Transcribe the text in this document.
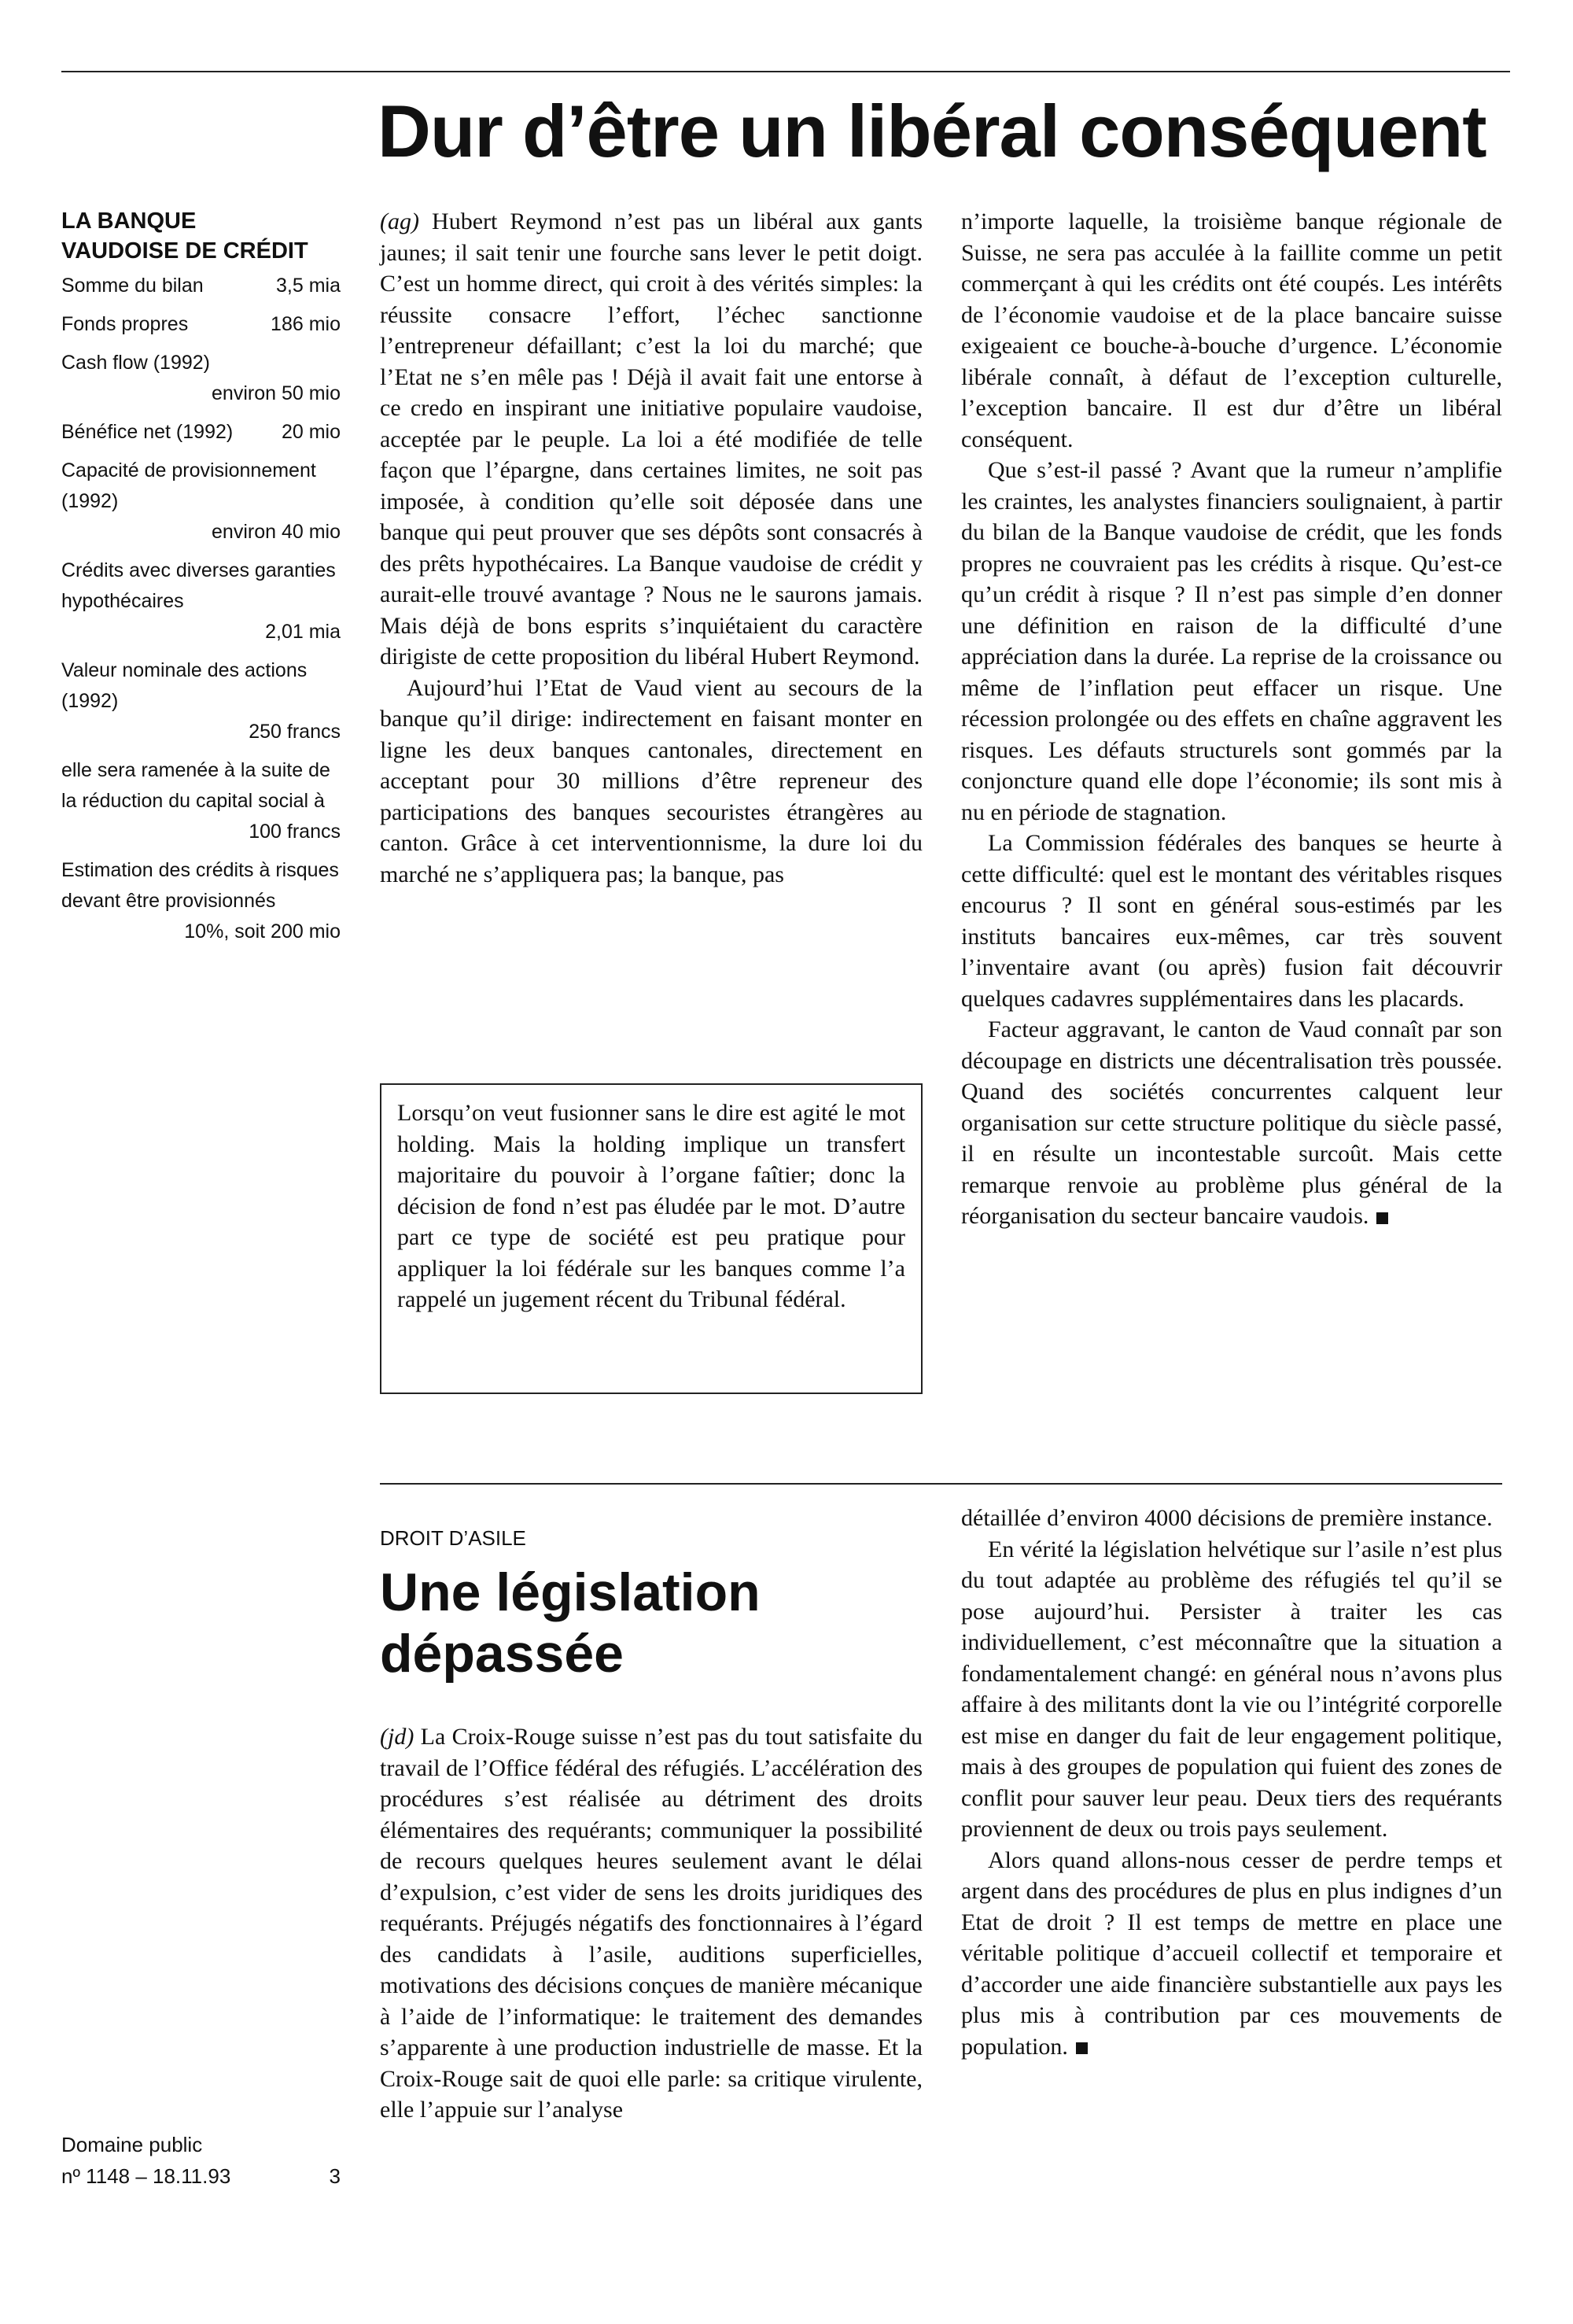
Dur d’être un libéral conséquent
LA BANQUE
VAUDOISE DE CRÉDIT
Somme du bilan	3,5 mia
Fonds propres	186 mio
Cash flow (1992)
environ 50 mio
Bénéfice net (1992) 20 mio
Capacité de provisionnement (1992)
environ 40 mio
Crédits avec diverses garanties hypothécaires
2,01 mia
Valeur nominale des actions (1992)
250 francs
elle sera ramenée à la suite de la réduction du capital social à
100 francs
Estimation des crédits à risques devant être provisionnés
10%, soit 200 mio

(ag) Hubert Reymond n’est pas un libéral aux gants jaunes; il sait tenir une fourche sans lever le petit doigt. C’est un homme direct, qui croit à des vérités simples: la réussite consacre l’effort, l’échec sanctionne l’entrepreneur défaillant; c’est la loi du marché; que l’Etat ne s’en mêle pas ! Déjà il avait fait une entorse à ce credo en inspirant une initiative populaire vaudoise, acceptée par le peuple. La loi a été modifiée de telle façon que l’épargne, dans certaines limites, ne soit pas imposée, à condition qu’elle soit déposée dans une banque qui peut prouver que ses dépôts sont consacrés à des prêts hypothécaires. La Banque vaudoise de crédit y aurait-elle trouvé avantage ? Nous ne le saurons jamais. Mais déjà de bons esprits s’inquiétaient du caractère dirigiste de cette proposition du libéral Hubert Reymond.

Aujourd’hui l’Etat de Vaud vient au secours de la banque qu’il dirige: indirectement en faisant monter en ligne les deux banques cantonales, directement en acceptant pour 30 millions d’être repreneur des participations des banques secouristes étrangères au canton. Grâce à cet interventionnisme, la dure loi du marché ne s’appliquera pas; la banque, pas

n’importe laquelle, la troisième banque régionale de Suisse, ne sera pas acculée à la faillite comme un petit commerçant à qui les crédits ont été coupés. Les intérêts de l’économie vaudoise et de la place bancaire suisse exigeaient ce bouche-à-bouche d’urgence. L’économie libérale connaît, à défaut de l’exception culturelle, l’exception bancaire. Il est dur d’être un libéral conséquent.

Que s’est-il passé ? Avant que la rumeur n’amplifie les craintes, les analystes financiers soulignaient, à partir du bilan de la Banque vaudoise de crédit, que les fonds propres ne couvraient pas les crédits à risque. Qu’est-ce qu’un crédit à risque ? Il n’est pas simple d’en donner une définition en raison de la difficulté d’une appréciation dans la durée. La reprise de la croissance ou même de l’inflation peut effacer un risque. Une récession prolongée ou des effets en chaîne aggravent les risques. Les défauts structurels sont gommés par la conjoncture quand elle dope l’économie; ils sont mis à nu en période de stagnation.

La Commission fédérales des banques se heurte à cette difficulté: quel est le montant des véritables risques encourus ? Il sont en général sous-estimés par les instituts bancaires eux-mêmes, car très souvent l’inventaire avant (ou après) fusion fait découvrir quelques cadavres supplémentaires dans les placards.

Facteur aggravant, le canton de Vaud connaît par son découpage en districts une décentralisation très poussée. Quand des sociétés concurrentes calquent leur organisation sur cette structure politique du siècle passé, il en résulte un incontestable surcoût. Mais cette remarque renvoie au problème plus général de la réorganisation du secteur bancaire vaudois.

Lorsqu’on veut fusionner sans le dire est agité le mot holding. Mais la holding implique un transfert majoritaire du pouvoir à l’organe faîtier; donc la décision de fond n’est pas éludée par le mot. D’autre part ce type de société est peu pratique pour appliquer la loi fédérale sur les banques comme l’a rappelé un jugement récent du Tribunal fédéral.

DROIT D’ASILE
Une législation
dépassée

(jd) La Croix-Rouge suisse n’est pas du tout satisfaite du travail de l’Office fédéral des réfugiés. L’accélération des procédures s’est réalisée au détriment des droits élémentaires des requérants; communiquer la possibilité de recours quelques heures seulement avant le délai d’expulsion, c’est vider de sens les droits juridiques des requérants. Préjugés négatifs des fonctionnaires à l’égard des candidats à l’asile, auditions superficielles, motivations des décisions conçues de manière mécanique à l’aide de l’informatique: le traitement des demandes s’apparente à une production industrielle de masse. Et la Croix-Rouge sait de quoi elle parle: sa critique virulente, elle l’appuie sur l’analyse

détaillée d’environ 4000 décisions de première instance.

En vérité la législation helvétique sur l’asile n’est plus du tout adaptée au problème des réfugiés tel qu’il se pose aujourd’hui. Persister à traiter les cas individuellement, c’est méconnaître que la situation a fondamentalement changé: en général nous n’avons plus affaire à des militants dont la vie ou l’intégrité corporelle est mise en danger du fait de leur engagement politique, mais à des groupes de population qui fuient des zones de conflit pour sauver leur peau. Deux tiers des requérants proviennent de deux ou trois pays seulement.

Alors quand allons-nous cesser de perdre temps et argent dans des procédures de plus en plus indignes d’un Etat de droit ? Il est temps de mettre en place une véritable politique d’accueil collectif et temporaire et d’accorder une aide financière substantielle aux pays les plus mis à contribution par ces mouvements de population.

Domaine public
nº 1148 – 18.11.93	3
